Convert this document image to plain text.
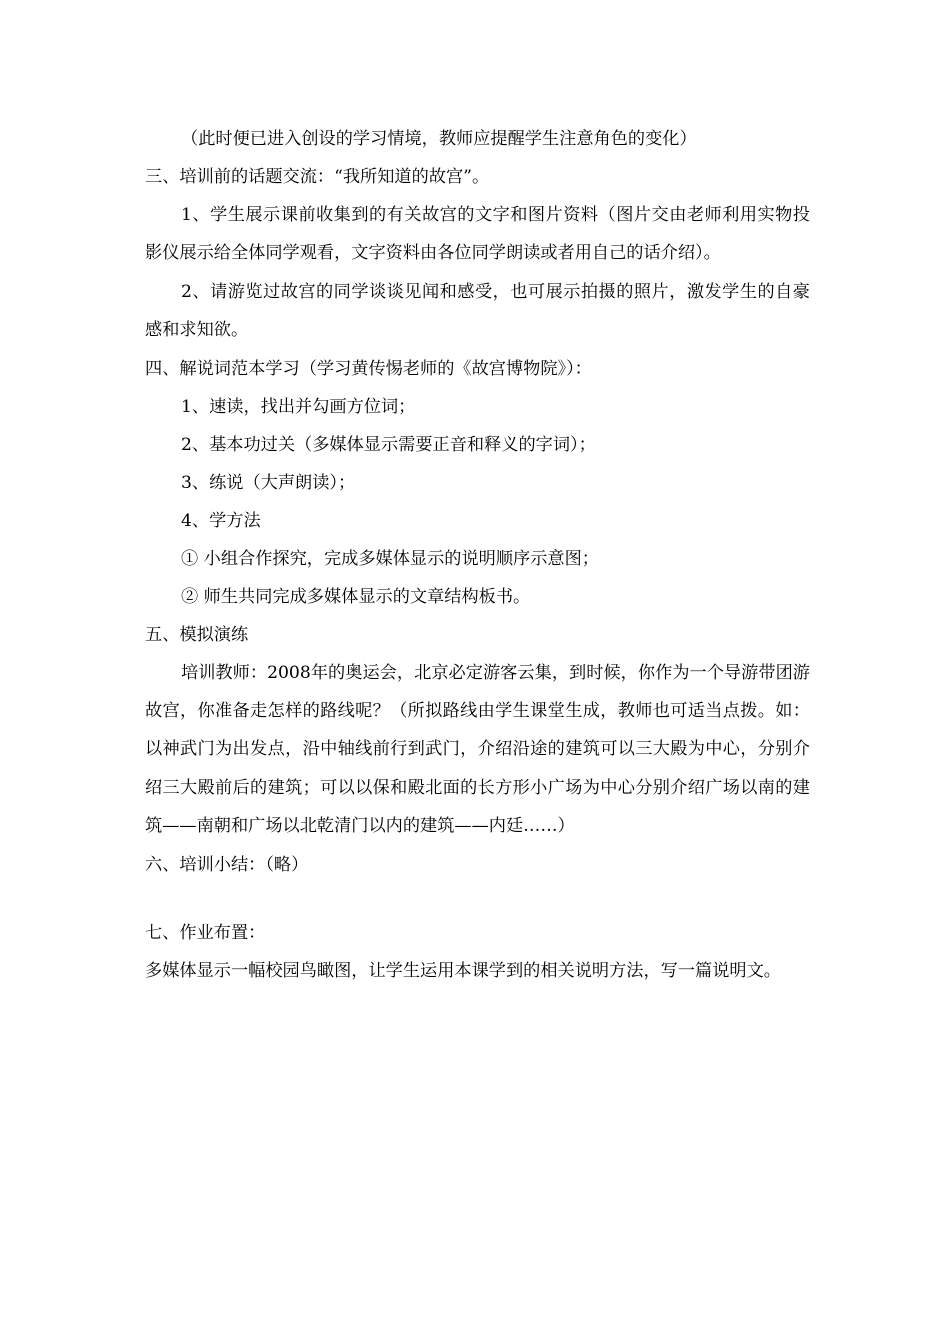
（此时便已进入创设的学习情境，教师应提醒学生注意角色的变化）
三、培训前的话题交流：“我所知道的故宫”。
1、学生展示课前收集到的有关故宫的文字和图片资料（图片交由老师利用实物投影仪展示给全体同学观看，文字资料由各位同学朗读或者用自己的话介绍）。
2、请游览过故宫的同学谈谈见闻和感受，也可展示拍摄的照片，激发学生的自豪感和求知欲。
四、解说词范本学习（学习黄传惕老师的《故宫博物院》）：
1、速读，找出并勾画方位词；
2、基本功过关（多媒体显示需要正音和释义的字词）；
3、练说（大声朗读）；
4、学方法
① 小组合作探究，完成多媒体显示的说明顺序示意图；
② 师生共同完成多媒体显示的文章结构板书。
五、模拟演练
培训教师：2008年的奥运会，北京必定游客云集，到时候，你作为一个导游带团游故宫，你准备走怎样的路线呢？（所拟路线由学生课堂生成，教师也可适当点拨。如：以神武门为出发点，沿中轴线前行到武门，介绍沿途的建筑可以三大殿为中心，分别介绍三大殿前后的建筑；可以以保和殿北面的长方形小广场为中心分别介绍广场以南的建筑——南朝和广场以北乾清门以内的建筑——内廷……）
六、培训小结：（略）
七、作业布置：
多媒体显示一幅校园鸟瞰图，让学生运用本课学到的相关说明方法，写一篇说明文。
